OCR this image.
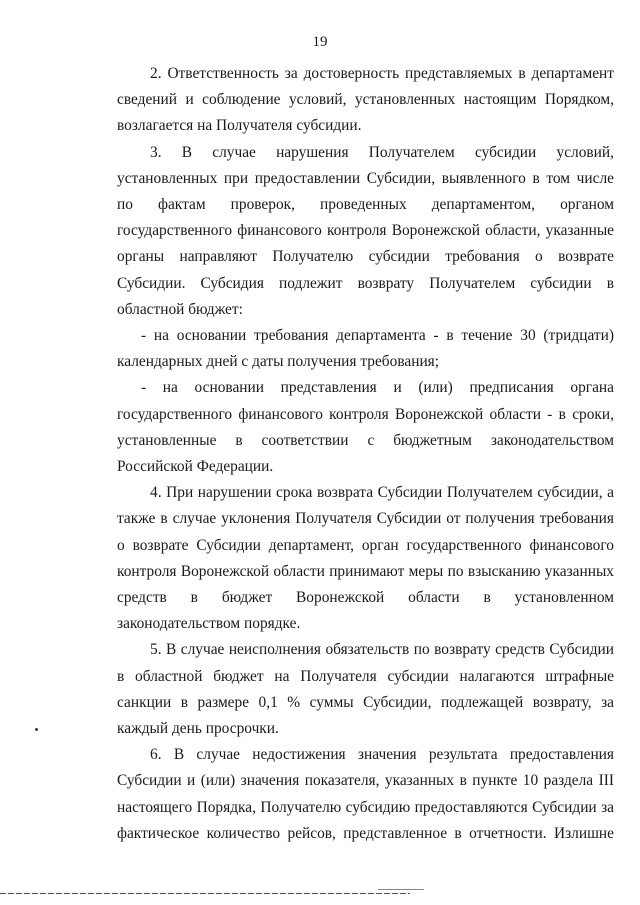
19

2. Ответственность за достоверность представляемых в департамент сведений и соблюдение условий, установленных настоящим Порядком, возлагается на Получателя субсидии.

3. В случае нарушения Получателем субсидии условий, установленных при предоставлении Субсидии, выявленного в том числе по фактам проверок, проведенных департаментом, органом государственного финансового контроля Воронежской области, указанные органы направляют Получателю субсидии требования о возврате Субсидии. Субсидия подлежит возврату Получателем субсидии в областной бюджет:

- на основании требования департамента - в течение 30 (тридцати) календарных дней с даты получения требования;

- на основании представления и (или) предписания органа государственного финансового контроля Воронежской области - в сроки, установленные в соответствии с бюджетным законодательством Российской Федерации.

4. При нарушении срока возврата Субсидии Получателем субсидии, а также в случае уклонения Получателя Субсидии от получения требования о возврате Субсидии департамент, орган государственного финансового контроля Воронежской области принимают меры по взысканию указанных средств в бюджет Воронежской области в установленном законодательством порядке.

5. В случае неисполнения обязательств по возврату средств Субсидии в областной бюджет на Получателя субсидии налагаются штрафные санкции в размере 0,1 % суммы Субсидии, подлежащей возврату, за каждый день просрочки.

6. В случае недостижения значения результата предоставления Субсидии и (или) значения показателя, указанных в пункте 10 раздела III настоящего Порядка, Получателю субсидию предоставляются Субсидии за фактическое количество рейсов, представленное в отчетности. Излишне
